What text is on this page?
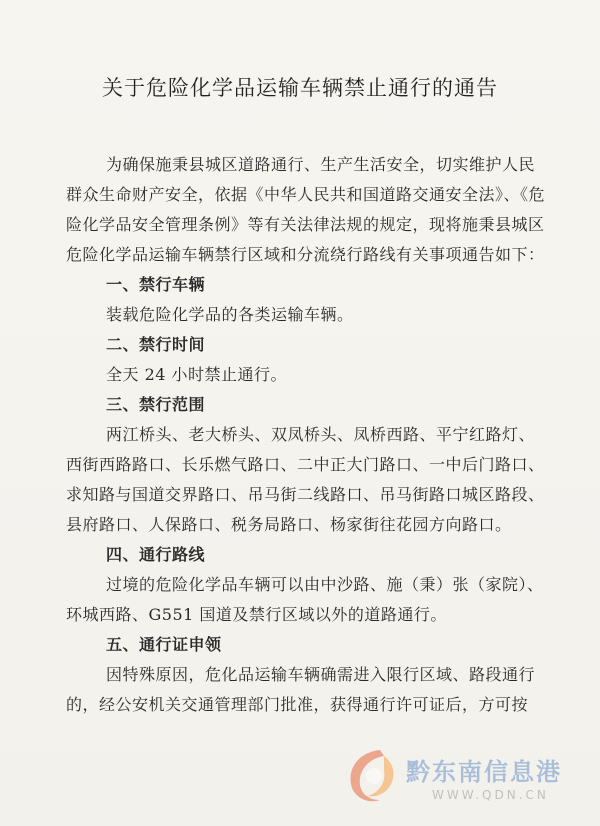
关于危险化学品运输车辆禁止通行的通告

为确保施秉县城区道路通行、生产生活安全，切实维护人民群众生命财产安全，依据《中华人民共和国道路交通安全法》、《危险化学品安全管理条例》等有关法律法规的规定，现将施秉县城区危险化学品运输车辆禁行区域和分流绕行路线有关事项通告如下：

一、禁行车辆

装载危险化学品的各类运输车辆。

二、禁行时间

全天 24 小时禁止通行。

三、禁行范围

两江桥头、老大桥头、双凤桥头、凤桥西路、平宁红路灯、西街西路路口、长乐燃气路口、二中正大门路口、一中后门路口、求知路与国道交界路口、吊马街二线路口、吊马街路口城区路段、县府路口、人保路口、税务局路口、杨家街往花园方向路口。

四、通行路线

过境的危险化学品车辆可以由中沙路、施（秉）张（家院）、环城西路、G551 国道及禁行区域以外的道路通行。

五、通行证申领

因特殊原因，危化品运输车辆确需进入限行区域、路段通行的，经公安机关交通管理部门批准，获得通行许可证后，方可按

黔东南信息港
WWW.QDN.CN
